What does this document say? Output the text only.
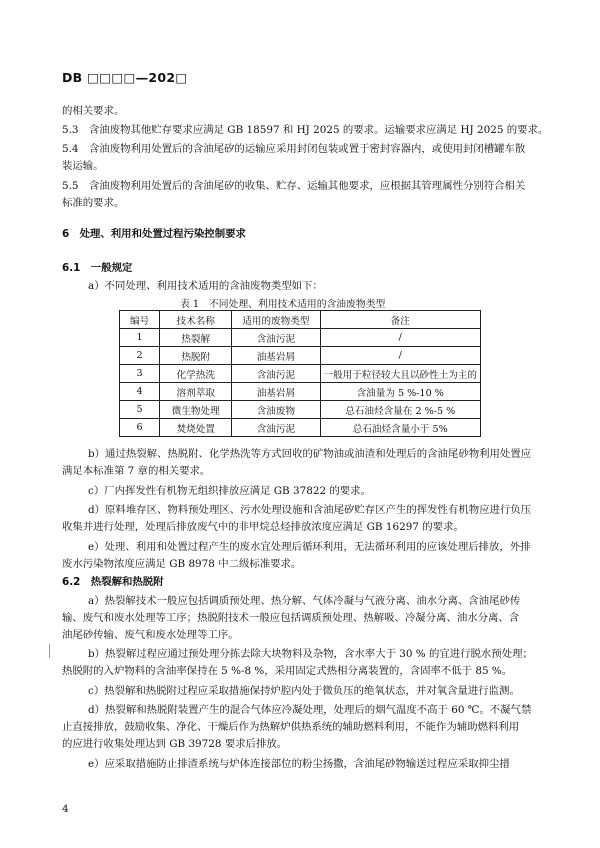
DB □□□□—202□
的相关要求。
5.3　含油废物其他贮存要求应满足 GB 18597 和 HJ 2025 的要求。运输要求应满足 HJ 2025 的要求。
5.4　含油废物利用处置后的含油尾矽的运输应采用封闭包装或置于密封容器内，或使用封闭槽罐车散
装运输。
5.5　含油废物利用处置后的含油尾矽的收集、贮存、运输其他要求，应根据其管理属性分别符合相关
标准的要求。
6　处理、利用和处置过程污染控制要求
6.1　一般规定
a）不同处理、利用技术适用的含油废物类型如下：
表 1　不同处理、利用技术适用的含油废物类型
编号	技术名称	适用的废物类型	备注
1	热裂解	含油污泥	/
2	热脱附	油基岩屑	/
3	化学热洗	含油污泥	一般用于粒径较大且以砂性土为主的
4	溶剂萃取	油基岩屑	含油量为 5 %-10 %
5	微生物处理	含油废物	总石油烃含量在 2 %-5 %
6	焚烧处置	含油污泥	总石油烃含量小于 5%
b）通过热裂解、热脱附、化学热洗等方式回收的矿物油或油渣和处理后的含油尾砂物利用处置应
满足本标准第 7 章的相关要求。
c）厂内挥发性有机物无组织排放应满足 GB 37822 的要求。
d）原料堆存区、物料预处理区、污水处理设施和含油尾矽贮存区产生的挥发性有机物应进行负压
收集并进行处理，处理后排放废气中的非甲烷总烃排放浓度应满足 GB 16297 的要求。
e）处理、利用和处置过程产生的废水宜处理后循环利用，无法循环利用的应该处理后排放，外排
废水污染物浓度应满足 GB 8978 中二级标准要求。
6.2　热裂解和热脱附
a）热裂解技术一般应包括调质预处理、热分解、气体冷凝与气液分离、油水分离、含油尾砂传
输、废气和废水处理等工序；热脱附技术一般应包括调质预处理、热解吸、冷凝分离、油水分离、含
油尾砂传输、废气和废水处理等工序。
b）热裂解过程应通过预处理分拣去除大块物料及杂物，含水率大于 30 % 的宜进行脱水预处理；
热脱附的入炉物料的含油率保持在 5 %-8 %，采用固定式热相分离装置的，含固率不低于 85 %。
c）热裂解和热脱附过程应采取措施保持炉腔内处于微负压的绝氧状态，并对氧含量进行监测。
d）热裂解和热脱附装置产生的混合气体应冷凝处理，处理后的烟气温度不高于 60 ℃。不凝气禁
止直接排放，鼓励收集、净化、干燥后作为热解炉供热系统的辅助燃料利用，不能作为辅助燃料利用
的应进行收集处理达到 GB 39728 要求后排放。
e）应采取措施防止排渣系统与炉体连接部位的粉尘扬撒，含油尾砂物输送过程应采取抑尘措
4
